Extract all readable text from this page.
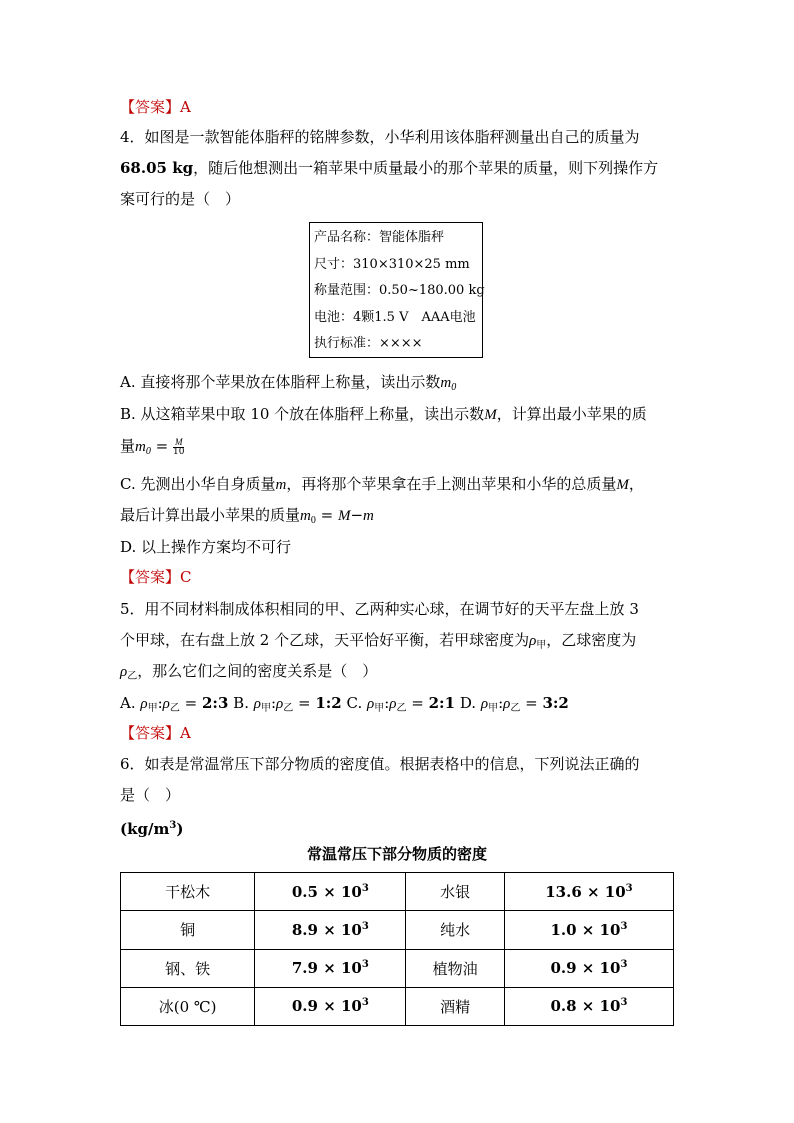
【答案】A
4．如图是一款智能体脂秤的铭牌参数，小华利用该体脂秤测量出自己的质量为
68.05 kg，随后他想测出一箱苹果中质量最小的那个苹果的质量，则下列操作方
案可行的是（　）
产品名称：智能体脂秤
尺寸：310×310×25 mm
称量范围：0.50~180.00 kg
电池：4颗1.5 V　AAA电池
执行标准：××××
A. 直接将那个苹果放在体脂秤上称量，读出示数$m_0$
B. 从这箱苹果中取 10 个放在体脂秤上称量，读出示数M，计算出最小苹果的质
量$m_0 = \frac{M}{10}$
C. 先测出小华自身质量m，再将那个苹果拿在手上测出苹果和小华的总质量M，
最后计算出最小苹果的质量$m_0 = M-m$
D. 以上操作方案均不可行
【答案】C
5．用不同材料制成体积相同的甲、乙两种实心球，在调节好的天平左盘上放 3
个甲球，在右盘上放 2 个乙球，天平恰好平衡，若甲球密度为$\rho_甲$，乙球密度为
$\rho_乙$，那么它们之间的密度关系是（　）
A. $\rho_甲:\rho_乙$ = 2:3 B. $\rho_甲:\rho_乙$ = 1:2 C. $\rho_甲:\rho_乙$ = 2:1 D. $\rho_甲:\rho_乙$ = 3:2
【答案】A
6．如表是常温常压下部分物质的密度值。根据表格中的信息，下列说法正确的
是（　）
$(kg/m^3)$
常温常压下部分物质的密度
干松木	$0.5 \times 10^3$	水银	$13.6 \times 10^3$
铜	$8.9 \times 10^3$	纯水	$1.0 \times 10^3$
钢、铁	$7.9 \times 10^3$	植物油	$0.9 \times 10^3$
冰(0 ℃)	$0.9 \times 10^3$	酒精	$0.8 \times 10^3$
